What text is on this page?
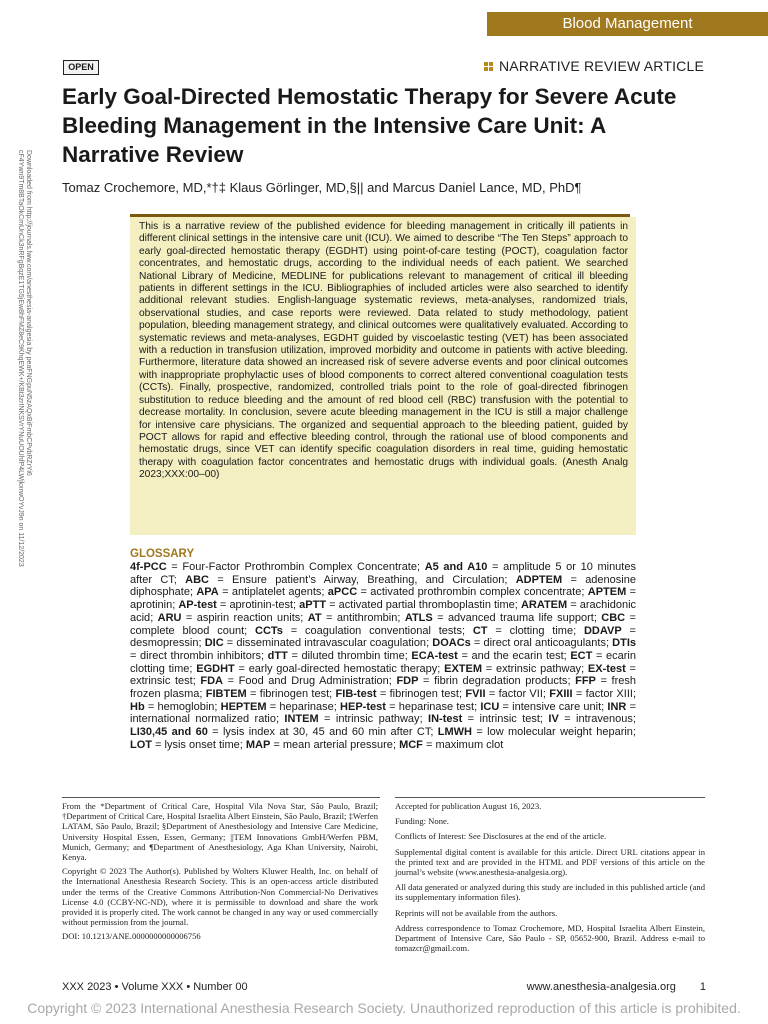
Blood Management
OPEN	NARRATIVE REVIEW ARTICLE
Early Goal-Directed Hemostatic Therapy for Severe Acute Bleeding Management in the Intensive Care Unit: A Narrative Review
Tomaz Crochemore, MD,*†‡ Klaus Görlinger, MD,§|| and Marcus Daniel Lance, MD, PhD¶
Downloaded from http://journals.lww.com/anesthesia-analgesia by peaFNGpuN5zAQxBiFmbCPvbRZrYi6 cF4Ywn9Tm8BTaOkCmUnCk3nRFgBqzE1TG5jEw8hFMZ8eC9KhqEWK+/KBt3zrINKSVrYNuUOUhfP4LWjkxrwOYvJ9n on 11/12/2023	This is a narrative review of the published evidence for bleeding management in critically ill patients in different clinical settings in the intensive care unit (ICU). We aimed to describe “The Ten Steps” approach to early goal-directed hemostatic therapy (EGDHT) using point-of-care testing (POCT), coagulation factor concentrates, and hemostatic drugs, according to the individual needs of each patient. We searched National Library of Medicine, MEDLINE for publications relevant to management of critical ill bleeding patients in different settings in the ICU. Bibliographies of included articles were also searched to identify additional relevant studies. English-language systematic reviews, meta-analyses, randomized trials, observational studies, and case reports were reviewed. Data related to study methodology, patient population, bleeding management strategy, and clinical outcomes were qualitatively evaluated. According to systematic reviews and meta-analyses, EGDHT guided by viscoelastic testing (VET) has been associated with a reduction in transfusion utilization, improved morbidity and outcome in patients with active bleeding. Furthermore, literature data showed an increased risk of severe adverse events and poor clinical outcomes with inappropriate prophylactic uses of blood components to correct altered conventional coagulation tests (CCTs). Finally, prospective, randomized, controlled trials point to the role of goal-directed fibrinogen substitution to reduce bleeding and the amount of red blood cell (RBC) transfusion with the potential to decrease mortality. In conclusion, severe acute bleeding management in the ICU is still a major challenge for intensive care physicians. The organized and sequential approach to the bleeding patient, guided by POCT allows for rapid and effective bleeding control, through the rational use of blood components and hemostatic drugs, since VET can identify specific coagulation disorders in real time, guiding hemostatic therapy with coagulation factor concentrates and hemostatic drugs with individual goals. (Anesth Analg 2023;XXX:00–00)
GLOSSARY
4f-PCC = Four-Factor Prothrombin Complex Concentrate; A5 and A10 = amplitude 5 or 10 minutes after CT; ABC = Ensure patient’s Airway, Breathing, and Circulation; ADPTEM = adenosine diphosphate; APA = antiplatelet agents; aPCC = activated prothrombin complex concentrate; APTEM = aprotinin; AP-test = aprotinin-test; aPTT = activated partial thromboplastin time; ARATEM = arachidonic acid; ARU = aspirin reaction units; AT = antithrombin; ATLS = advanced trauma life support; CBC = complete blood count; CCTs = coagulation conventional tests; CT = clotting time; DDAVP = desmopressin; DIC = disseminated intravascular coagulation; DOACs = direct oral anticoagulants; DTIs = direct thrombin inhibitors; dTT = diluted thrombin time; ECA-test = and the ecarin test; ECT = ecarin clotting time; EGDHT = early goal-directed hemostatic therapy; EXTEM = extrinsic pathway; EX-test = extrinsic test; FDA = Food and Drug Administration; FDP = fibrin degradation products; FFP = fresh frozen plasma; FIBTEM = fibrinogen test; FIB-test = fibrinogen test; FVII = factor VII; FXIII = factor XIII; Hb = hemoglobin; HEPTEM = heparinase; HEP-test = heparinase test; ICU = intensive care unit; INR = international normalized ratio; INTEM = intrinsic pathway; IN-test = intrinsic test; IV = intravenous; LI30,45 and 60 = lysis index at 30, 45 and 60 min after CT; LMWH = low molecular weight heparin; LOT = lysis onset time; MAP = mean arterial pressure; MCF = maximum clot

From the *Department of Critical Care, Hospital Vila Nova Star, São Paulo, Brazil; †Department of Critical Care, Hospital Israelita Albert Einstein, São Paulo, Brazil; ‡Werfen LATAM, São Paulo, Brazil; §Department of Anesthesiology and Intensive Care Medicine, University Hospital Essen, Essen, Germany; ||TEM Innovations GmbH/Werfen PBM, Munich, Germany; and ¶Department of Anesthesiology, Aga Khan University, Nairobi, Kenya.

Copyright © 2023 The Author(s). Published by Wolters Kluwer Health, Inc. on behalf of the International Anesthesia Research Society. This is an open-access article distributed under the terms of the Creative Commons Attribution-Non Commercial-No Derivatives License 4.0 (CCBY-NC-ND), where it is permissible to download and share the work provided it is properly cited. The work cannot be changed in any way or used commercially without permission from the journal.

DOI: 10.1213/ANE.0000000000006756

Accepted for publication August 16, 2023.

Funding: None.

Conflicts of Interest: See Disclosures at the end of the article.

Supplemental digital content is available for this article. Direct URL citations appear in the printed text and are provided in the HTML and PDF versions of this article on the journal’s website (www.anesthesia-analgesia.org).

All data generated or analyzed during this study are included in this published article (and its supplementary information files).

Reprints will not be available from the authors.

Address correspondence to Tomaz Crochemore, MD, Hospital Israelita Albert Einstein, Department of Intensive Care, São Paulo - SP, 05652-900, Brazil. Address e-mail to tomazcr@gmail.com.

XXX 2023 • Volume XXX • Number 00	www.anesthesia-analgesia.org 1
Copyright © 2023 International Anesthesia Research Society. Unauthorized reproduction of this article is prohibited.
